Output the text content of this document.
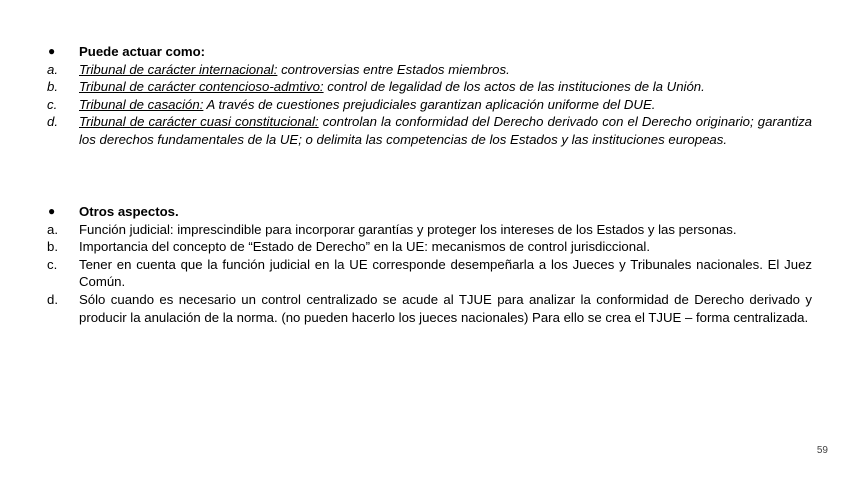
●	Puede actuar como:
a.	Tribunal de carácter internacional: controversias entre Estados miembros.
b.	Tribunal de carácter contencioso-admtivo: control de legalidad de los actos de las instituciones de la Unión.
c.	Tribunal de casación: A través de cuestiones prejudiciales garantizan aplicación uniforme del DUE.
d.	Tribunal de carácter cuasi constitucional: controlan la conformidad del Derecho derivado con el Derecho originario; garantiza los derechos fundamentales de la UE; o delimita las competencias de los Estados y las instituciones europeas.
●	Otros aspectos.
a.	Función judicial: imprescindible para incorporar garantías y proteger los intereses de los Estados y las personas.
b.	Importancia del concepto de “Estado de Derecho” en la UE: mecanismos de control jurisdiccional.
c.	Tener en cuenta que la función judicial en la UE corresponde desempeñarla a los Jueces y Tribunales nacionales. El Juez Común.
d.	Sólo cuando es necesario un control centralizado se acude al TJUE para analizar la conformidad de Derecho derivado y producir la anulación de la norma. (no pueden hacerlo los jueces nacionales) Para ello se crea el TJUE – forma centralizada.
59
